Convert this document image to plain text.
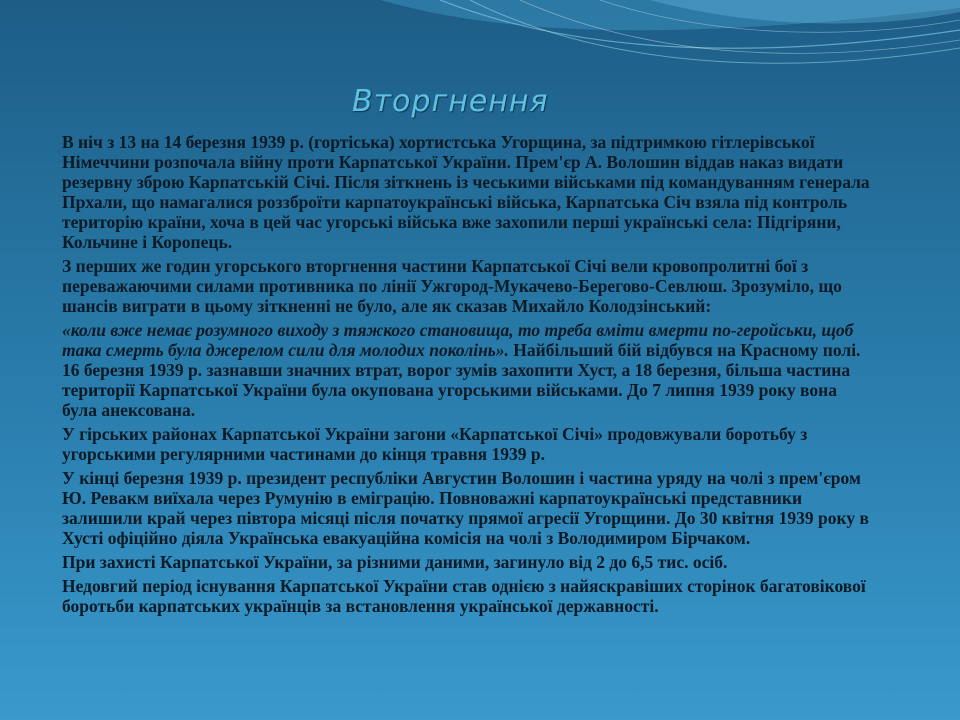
Вторгнення

В ніч з 13 на 14 березня 1939 р. (гортіська) хортистська Угорщина, за підтримкою гітлерівської Німеччини розпочала війну проти Карпатської України. Прем'єр А. Волошин віддав наказ видати резервну зброю Карпатській Січі. Після зіткнень із чеськими військами під командуванням генерала Прхали, що намагалися роззброїти карпатоукраїнські війська, Карпатська Січ взяла під контроль територію країни, хоча в цей час угорські війська вже захопили перші українські села: Підгіряни, Кольчине і Коропець.

З перших же годин угорського вторгнення частини Карпатської Січі вели кровопролитні бої з переважаючими силами противника по лінії Ужгород-Мукачево-Берегово-Севлюш. Зрозуміло, що шансів виграти в цьому зіткненні не було, але як сказав Михайло Колодзінський:

«коли вже немає розумного виходу з тяжкого становища, то треба вміти вмерти по-геройськи, щоб така смерть була джерелом сили для молодих поколінь». Найбільший бій відбувся на Красному полі. 16 березня 1939 р. зазнавши значних втрат, ворог зумів захопити Хуст, а 18 березня, більша частина території Карпатської України була окупована угорськими військами. До 7 липня 1939 року вона була анексована.

У гірських районах Карпатської України загони «Карпатської Січі» продовжували боротьбу з угорськими регулярними частинами до кінця травня 1939 р.

У кінці березня 1939 р. президент республіки Августин Волошин і частина уряду на чолі з прем'єром Ю. Ревакм виїхала через Румунію в еміграцію. Повноважні карпатоукраїнські представники залишили край через півтора місяці після початку прямої агресії Угорщини. До 30 квітня 1939 року в Хусті офіційно діяла Українська евакуаційна комісія на чолі з Володимиром Бірчаком.

При захисті Карпатської України, за різними даними, загинуло від 2 до 6,5 тис. осіб.

Недовгий період існування Карпатської України став однією з найяскравіших сторінок багатовікової боротьби карпатських українців за встановлення української державності.
